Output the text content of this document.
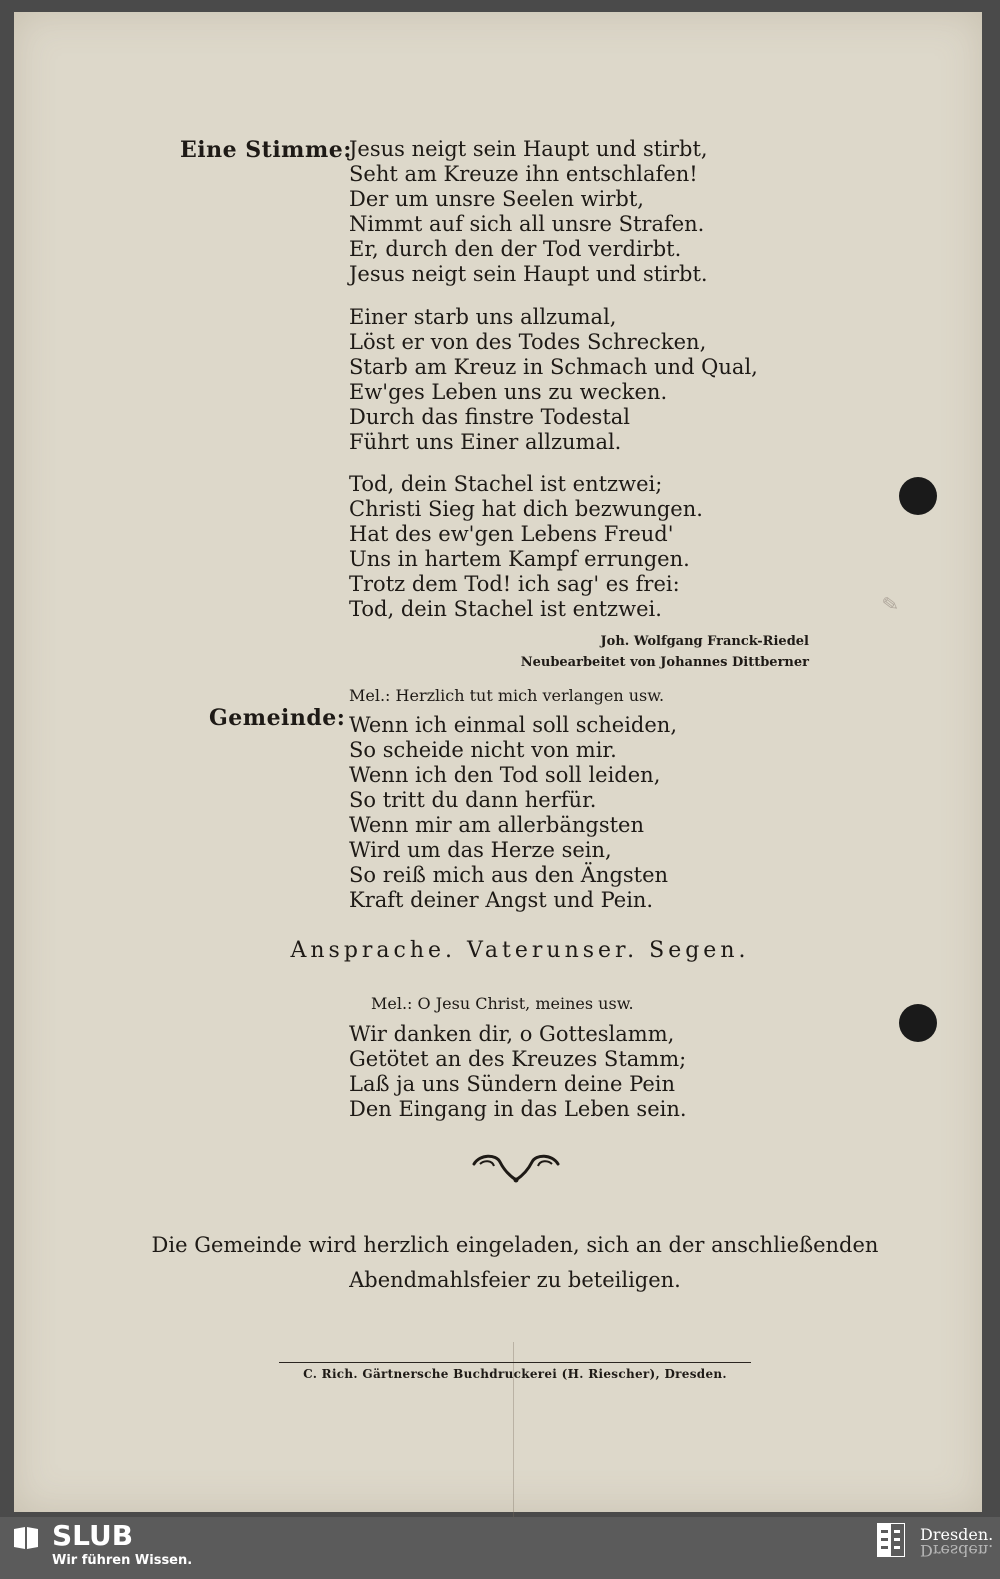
✎
Eine Stimme:
Jesus neigt sein Haupt und stirbt,
Seht am Kreuze ihn entschlafen!
Der um unsre Seelen wirbt,
Nimmt auf sich all unsre Strafen.
Er, durch den der Tod verdirbt.
Jesus neigt sein Haupt und stirbt.
Einer starb uns allzumal,
Löst er von des Todes Schrecken,
Starb am Kreuz in Schmach und Qual,
Ew'ges Leben uns zu wecken.
Durch das finstre Todestal
Führt uns Einer allzumal.
Tod, dein Stachel ist entzwei;
Christi Sieg hat dich bezwungen.
Hat des ew'gen Lebens Freud'
Uns in hartem Kampf errungen.
Trotz dem Tod! ich sag' es frei:
Tod, dein Stachel ist entzwei.
Joh. Wolfgang Franck-Riedel
Neubearbeitet von Johannes Dittberner
Mel.: Herzlich tut mich verlangen usw.
Gemeinde: Wenn ich einmal soll scheiden,
So scheide nicht von mir.
Wenn ich den Tod soll leiden,
So tritt du dann herfür.
Wenn mir am allerbängsten
Wird um das Herze sein,
So reiß mich aus den Ängsten
Kraft deiner Angst und Pein.
Ansprache. Vaterunser. Segen.
Mel.: O Jesu Christ, meines usw.
Wir danken dir, o Gotteslamm,
Getötet an des Kreuzes Stamm;
Laß ja uns Sündern deine Pein
Den Eingang in das Leben sein.
Die Gemeinde wird herzlich eingeladen, sich an der anschließenden
Abendmahlsfeier zu beteiligen.
C. Rich. Gärtnersche Buchdruckerei (H. Riescher), Dresden.
SLUB
Wir führen Wissen.
Dresden.
Dresden.
